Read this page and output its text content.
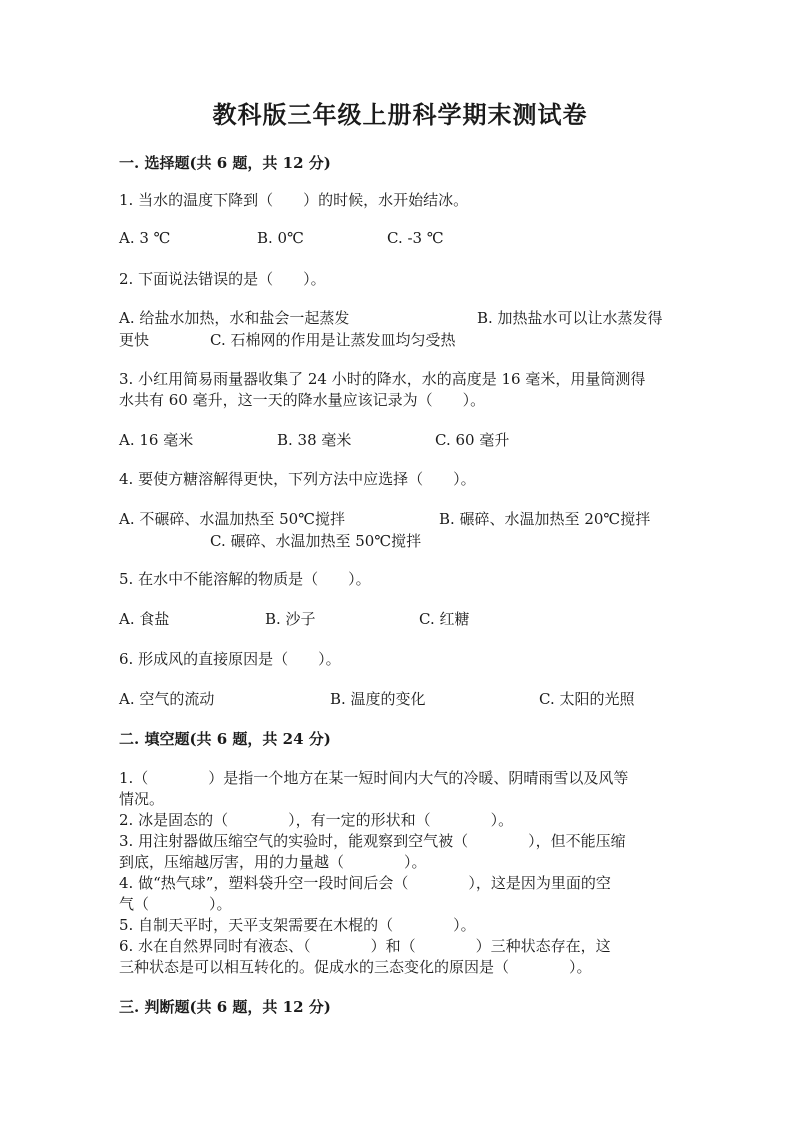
教科版三年级上册科学期末测试卷
一. 选择题(共 6 题，共 12 分)
1. 当水的温度下降到（　　）的时候，水开始结冰。
A. 3 ℃	B. 0℃	C. -3 ℃
2. 下面说法错误的是（　　）。
A. 给盐水加热，水和盐会一起蒸发	B. 加热盐水可以让水蒸发得
更快	C. 石棉网的作用是让蒸发皿均匀受热
3. 小红用简易雨量器收集了 24 小时的降水，水的高度是 16 毫米，用量筒测得
水共有 60 毫升，这一天的降水量应该记录为（　　）。
A. 16 毫米	B. 38 毫米	C. 60 毫升
4. 要使方糖溶解得更快，下列方法中应选择（　　）。
A. 不碾碎、水温加热至 50℃搅拌	B. 碾碎、水温加热至 20℃搅拌
C. 碾碎、水温加热至 50℃搅拌
5. 在水中不能溶解的物质是（　　）。
A. 食盐	B. 沙子	C. 红糖
6. 形成风的直接原因是（　　）。
A. 空气的流动	B. 温度的变化	C. 太阳的光照
二. 填空题(共 6 题，共 24 分)
1.（　　　　）是指一个地方在某一短时间内大气的冷暖、阴晴雨雪以及风等
情况。
2. 冰是固态的（　　　　），有一定的形状和（　　　　）。
3. 用注射器做压缩空气的实验时，能观察到空气被（　　　　），但不能压缩
到底，压缩越厉害，用的力量越（　　　　）。
4. 做“热气球”，塑料袋升空一段时间后会（　　　　），这是因为里面的空
气（　　　　）。
5. 自制天平时，天平支架需要在木棍的（　　　　）。
6. 水在自然界同时有液态、（　　　　）和（　　　　）三种状态存在，这
三种状态是可以相互转化的。促成水的三态变化的原因是（　　　　）。
三. 判断题(共 6 题，共 12 分)
